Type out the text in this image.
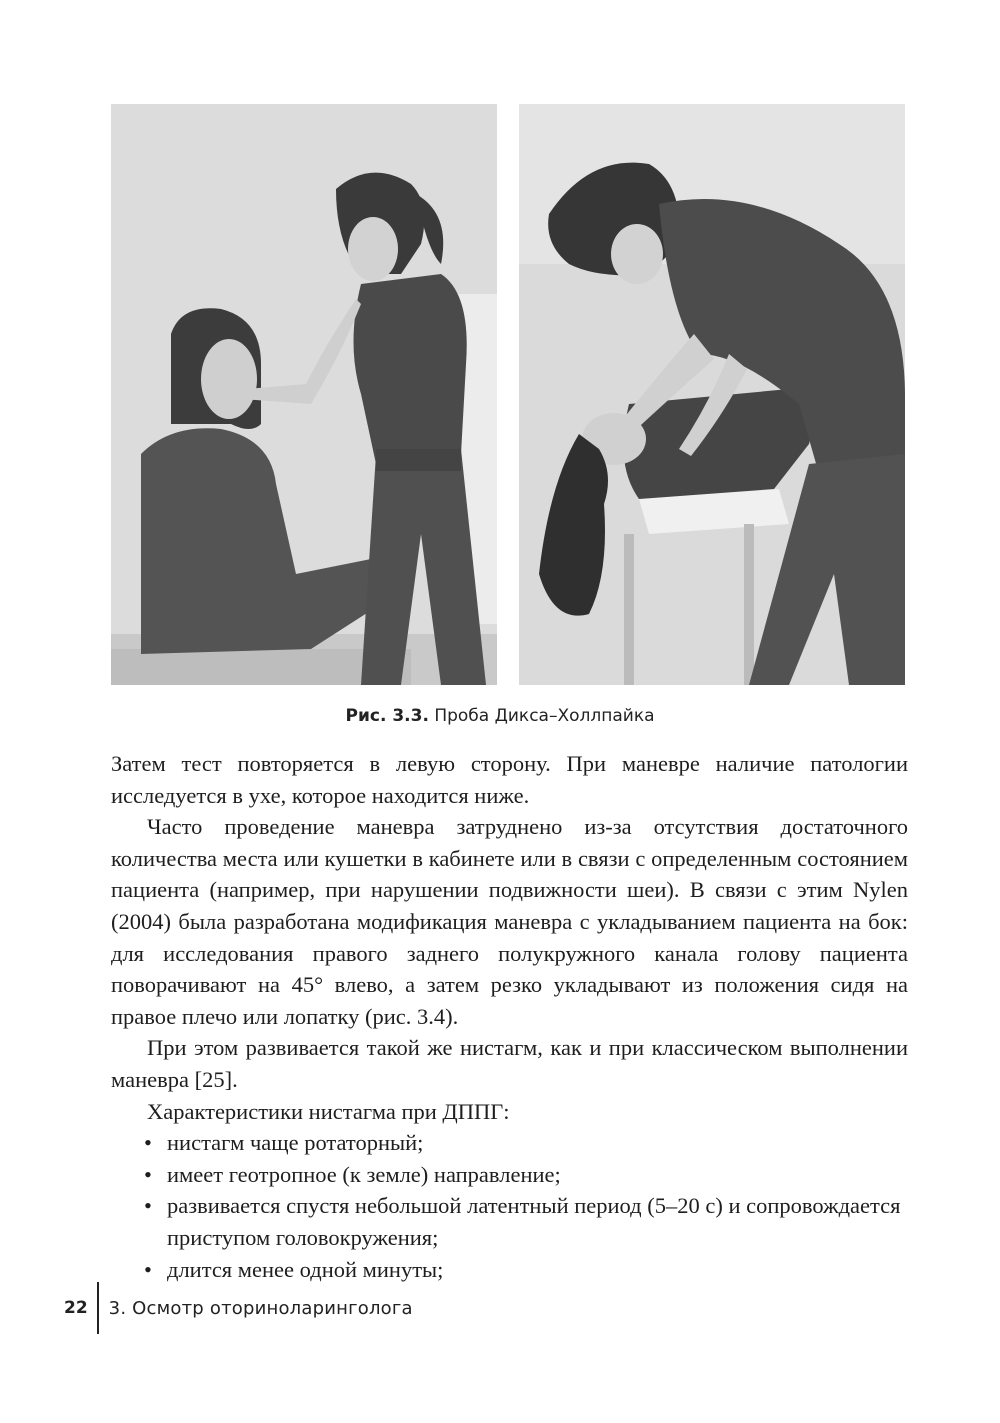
Рис. 3.3. Проба Дикса–Холлпайка

Затем тест повторяется в левую сторону. При маневре наличие патологии исследуется в ухе, которое находится ниже.

Часто проведение маневра затруднено из-за отсутствия достаточного количества места или кушетки в кабинете или в связи с определенным состоянием пациента (например, при нарушении подвижности шеи). В связи с этим Nylen (2004) была разработана модификация маневра с укладыванием пациента на бок: для исследования правого заднего полукружного канала голову пациента поворачивают на 45° влево, а затем резко укладывают из положения сидя на правое плечо или лопатку (рис. 3.4).

При этом развивается такой же нистагм, как и при классическом выполнении маневра [25].

Характеристики нистагма при ДППГ:

• нистагм чаще ротаторный;
• имеет геотропное (к земле) направление;
• развивается спустя небольшой латентный период (5–20 с) и сопровождается приступом головокружения;
• длится менее одной минуты;
22	3. Осмотр оториноларинголога
